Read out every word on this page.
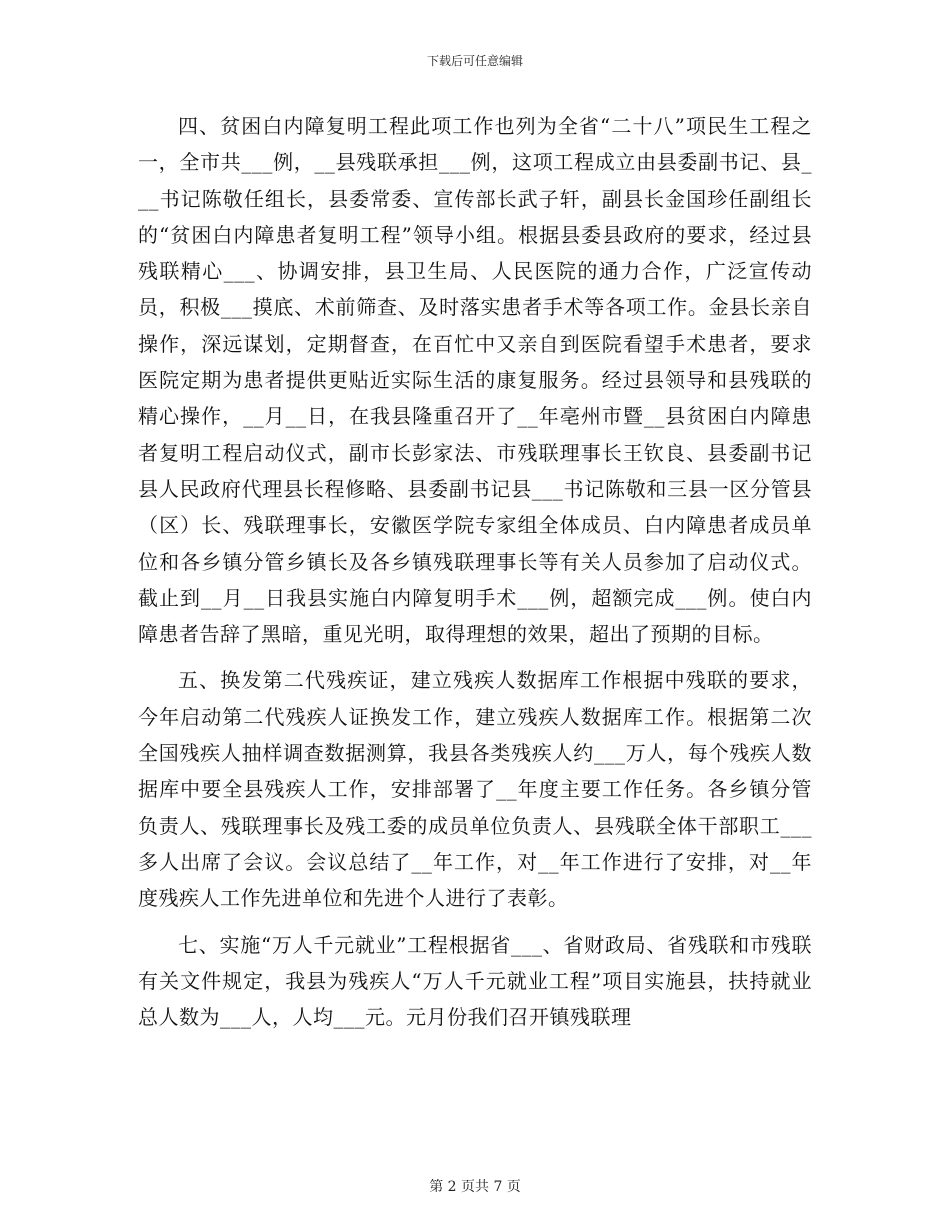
下载后可任意编辑

四、贫困白内障复明工程此项工作也列为全省“二十八”项民生工程之一，全市共___例，__县残联承担___例，这项工程成立由县委副书记、县___书记陈敬任组长，县委常委、宣传部长武子轩，副县长金国珍任副组长的“贫困白内障患者复明工程”领导小组。根据县委县政府的要求，经过县残联精心___、协调安排，县卫生局、人民医院的通力合作，广泛宣传动员，积极___摸底、术前筛查、及时落实患者手术等各项工作。金县长亲自操作，深远谋划，定期督查，在百忙中又亲自到医院看望手术患者，要求医院定期为患者提供更贴近实际生活的康复服务。经过县领导和县残联的精心操作，__月__日，在我县隆重召开了__年亳州市暨__县贫困白内障患者复明工程启动仪式，副市长彭家法、市残联理事长王钦良、县委副书记县人民政府代理县长程修略、县委副书记县___书记陈敬和三县一区分管县（区）长、残联理事长，安徽医学院专家组全体成员、白内障患者成员单位和各乡镇分管乡镇长及各乡镇残联理事长等有关人员参加了启动仪式。截止到__月__日我县实施白内障复明手术___例，超额完成___例。使白内障患者告辞了黑暗，重见光明，取得理想的效果，超出了预期的目标。

五、换发第二代残疾证，建立残疾人数据库工作根据中残联的要求，今年启动第二代残疾人证换发工作，建立残疾人数据库工作。根据第二次全国残疾人抽样调查数据测算，我县各类残疾人约___万人，每个残疾人数据库中要全县残疾人工作，安排部署了__年度主要工作任务。各乡镇分管负责人、残联理事长及残工委的成员单位负责人、县残联全体干部职工___多人出席了会议。会议总结了__年工作，对__年工作进行了安排，对__年度残疾人工作先进单位和先进个人进行了表彰。

七、实施“万人千元就业”工程根据省___、省财政局、省残联和市残联有关文件规定，我县为残疾人“万人千元就业工程”项目实施县，扶持就业总人数为___人，人均___元。元月份我们召开镇残联理

第 2 页共 7 页
